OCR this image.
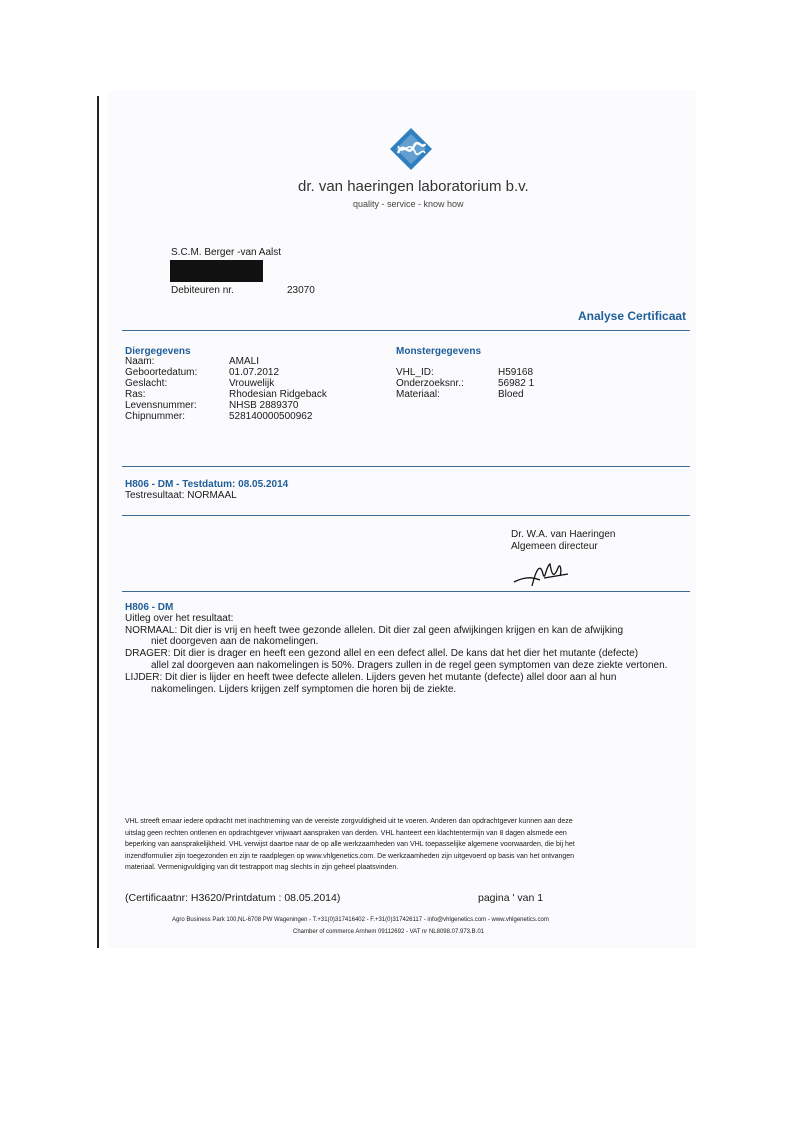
dr. van haeringen laboratorium b.v.
quality - service - know how
S.C.M. Berger -van Aalst
Debiteuren nr.	23070
Analyse Certificaat
Diergegevens
Naam:
Geboortedatum:
Geslacht:
Ras:
Levensnummer:
Chipnummer:
AMALI
01.07.2012
Vrouwelijk
Rhodesian Ridgeback
NHSB 2889370
528140000500962
Monstergegevens
VHL_ID:
Onderzoeksnr.:
Materiaal:
H59168
56982 1
Bloed
H806 - DM - Testdatum: 08.05.2014
Testresultaat: NORMAAL
Dr. W.A. van Haeringen
Algemeen directeur
H806 - DM
Uitleg over het resultaat:
NORMAAL: Dit dier is vrij en heeft twee gezonde allelen. Dit dier zal geen afwijkingen krijgen en kan de afwijking
niet doorgeven aan de nakomelingen.
DRAGER: Dit dier is drager en heeft een gezond allel en een defect allel. De kans dat het dier het mutante (defecte)
allel zal doorgeven aan nakomelingen is 50%. Dragers zullen in de regel geen symptomen van deze ziekte vertonen.
LIJDER: Dit dier is lijder en heeft twee defecte allelen. Lijders geven het mutante (defecte) allel door aan al hun
nakomelingen. Lijders krijgen zelf symptomen die horen bij de ziekte.
VHL streeft ernaar iedere opdracht met inachtneming van de vereiste zorgvuldigheid uit te voeren. Anderen dan opdrachtgever kunnen aan deze
uitslag geen rechten ontlenen en opdrachtgever vrijwaart aanspraken van derden. VHL hanteert een klachtentermijn van 8 dagen alsmede een
beperking van aansprakelijkheid. VHL verwijst daartoe naar de op alle werkzaamheden van VHL toepasselijke algemene voorwaarden, die bij het
inzendformulier zijn toegezonden en zijn te raadplegen op www.vhlgenetics.com. De werkzaamheden zijn uitgevoerd op basis van het ontvangen
materiaal. Vermenigvuldiging van dit testrapport mag slechts in zijn geheel plaatsvinden.
(Certificaatnr: H3620/Printdatum : 08.05.2014)	pagina ' van 1
Agro Business Park 100,NL-6708 PW Wageningen - T.+31(0)317416402 - F.+31(0)317426117 - info@vhlgenetics.com - www.vhlgenetics.com
Chamber of commerce Arnhem 09112692 - VAT nr NL8098.07.973.B.01
